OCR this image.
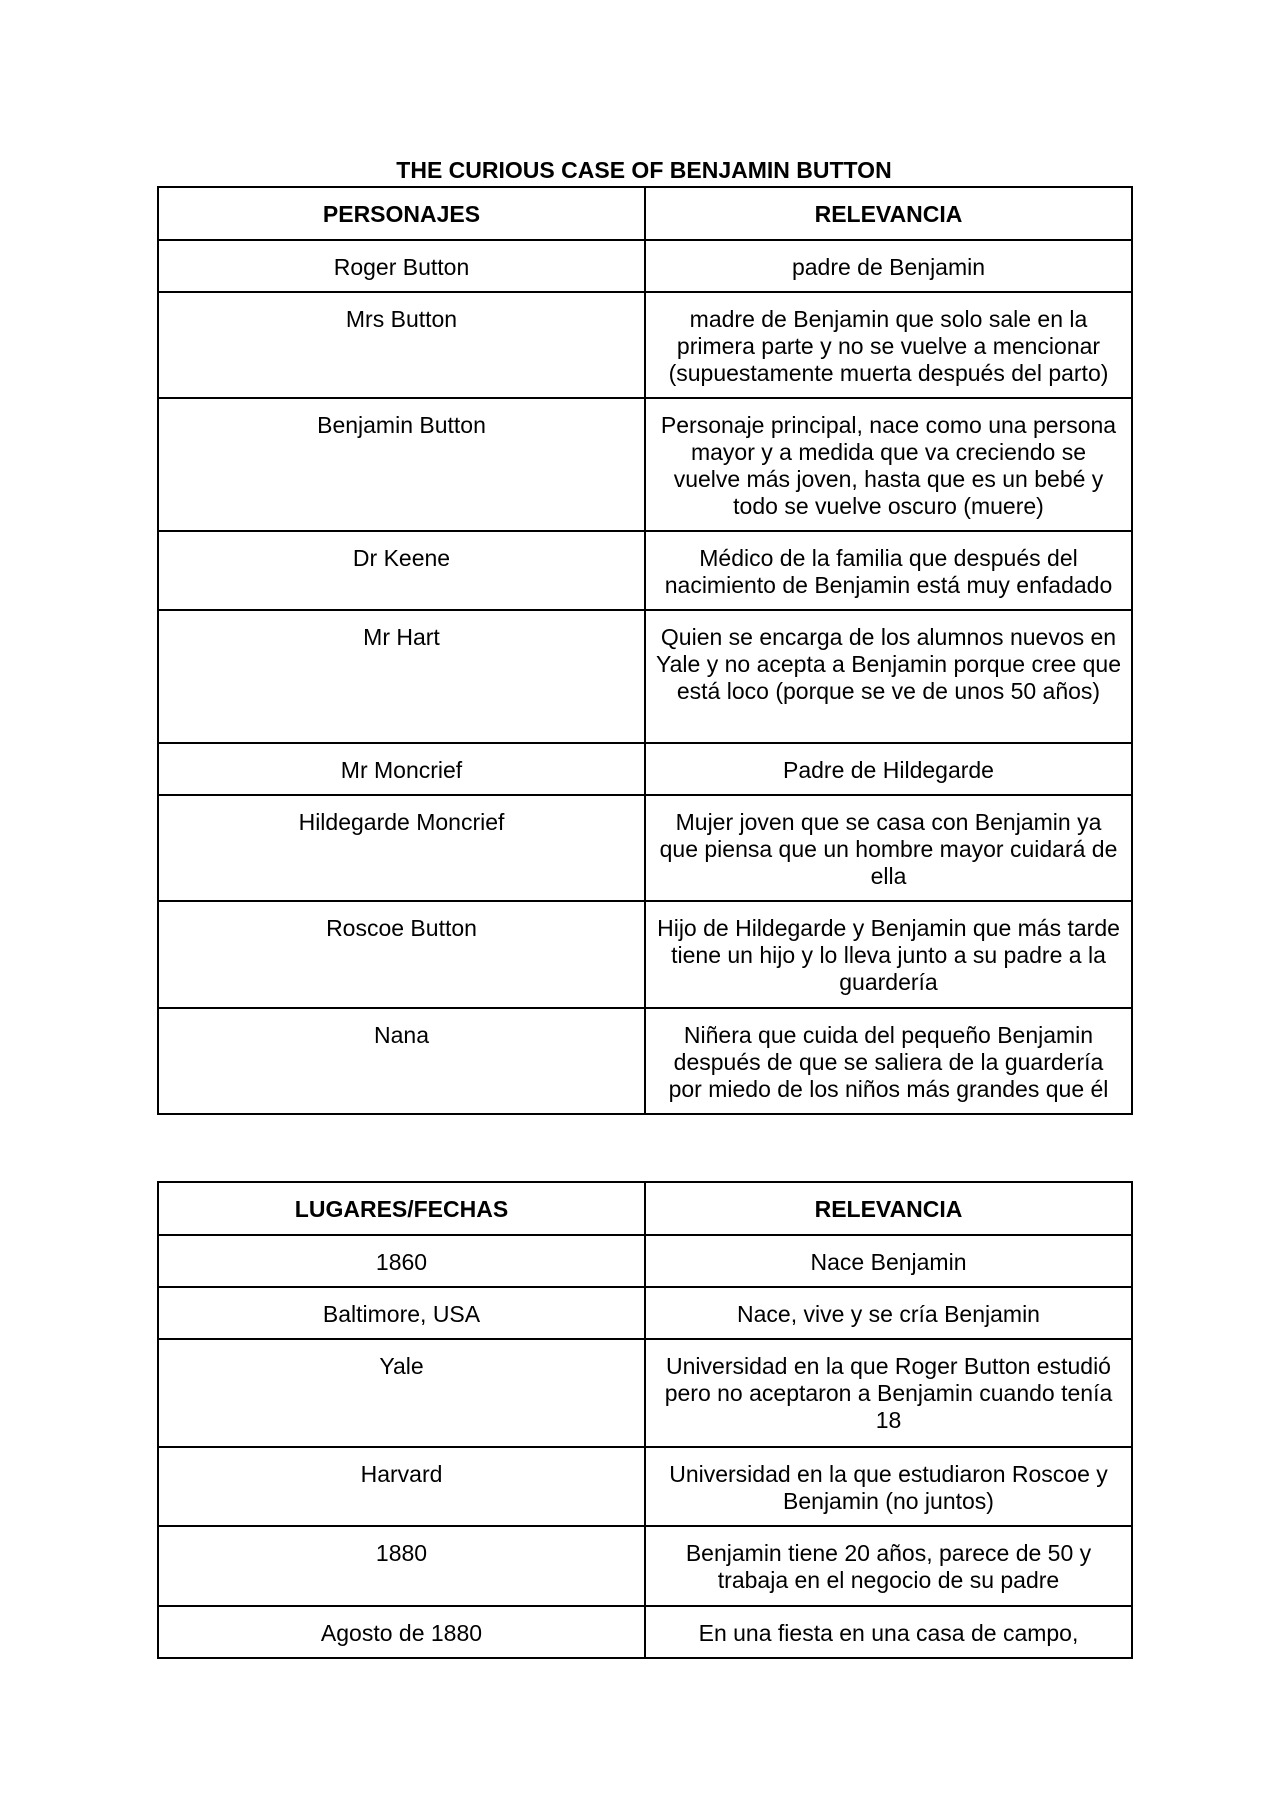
THE CURIOUS CASE OF BENJAMIN BUTTON
PERSONAJES	RELEVANCIA
Roger Button	padre de Benjamin
Mrs Button	madre de Benjamin que solo sale en la primera parte y no se vuelve a mencionar (supuestamente muerta después del parto)
Benjamin Button	Personaje principal, nace como una persona mayor y a medida que va creciendo se vuelve más joven, hasta que es un bebé y todo se vuelve oscuro (muere)
Dr Keene	Médico de la familia que después del nacimiento de Benjamin está muy enfadado
Mr Hart	Quien se encarga de los alumnos nuevos en Yale y no acepta a Benjamin porque cree que está loco (porque se ve de unos 50 años)
Mr Moncrief	Padre de Hildegarde
Hildegarde Moncrief	Mujer joven que se casa con Benjamin ya que piensa que un hombre mayor cuidará de ella
Roscoe Button	Hijo de Hildegarde y Benjamin que más tarde tiene un hijo y lo lleva junto a su padre a la guardería
Nana	Niñera que cuida del pequeño Benjamin después de que se saliera de la guardería por miedo de los niños más grandes que él
LUGARES/FECHAS	RELEVANCIA
1860	Nace Benjamin
Baltimore, USA	Nace, vive y se cría Benjamin
Yale	Universidad en la que Roger Button estudió pero no aceptaron a Benjamin cuando tenía 18
Harvard	Universidad en la que estudiaron Roscoe y Benjamin (no juntos)
1880	Benjamin tiene 20 años, parece de 50 y trabaja en el negocio de su padre
Agosto de 1880	En una fiesta en una casa de campo,
